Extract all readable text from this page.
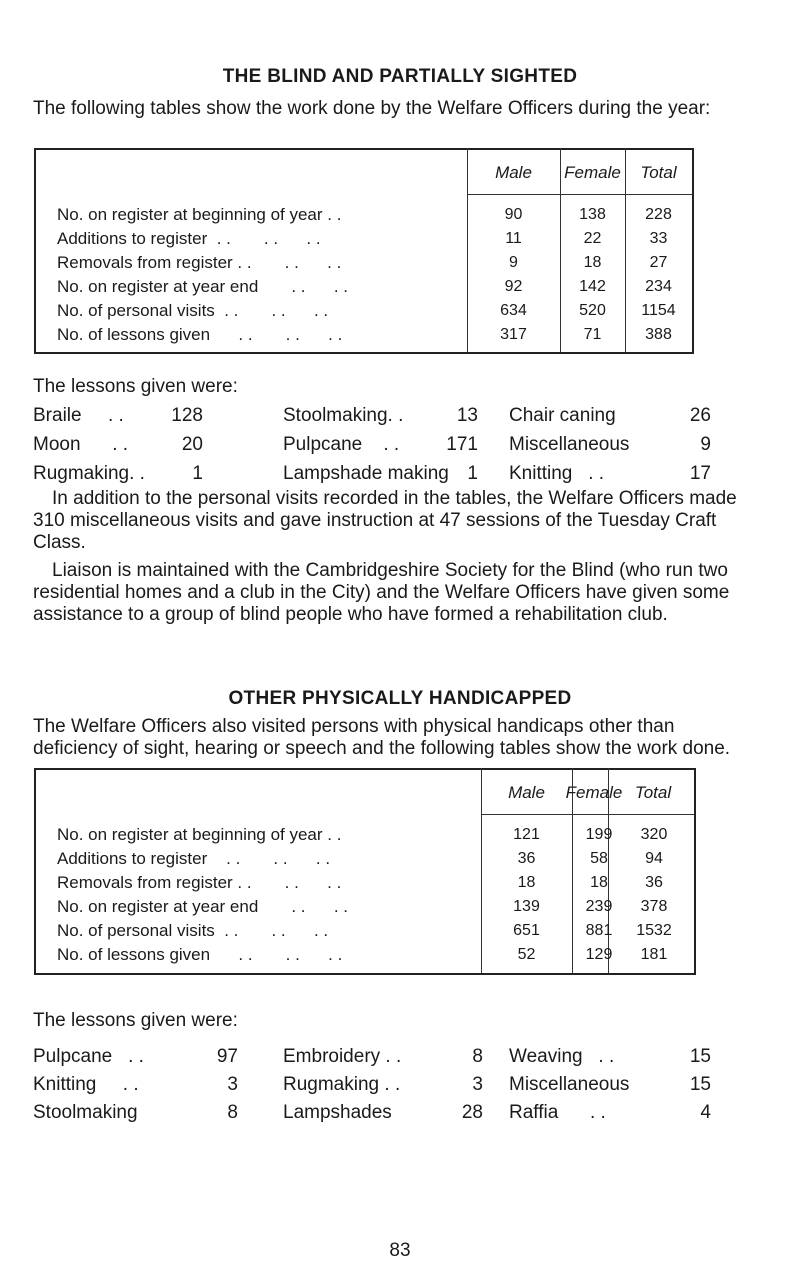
THE BLIND AND PARTIALLY SIGHTED
The following tables show the work done by the Welfare Officers during the year:
Male	Female	Total
No. on register at beginning of year . .	90	138	228
Additions to register  . .       . .      . .	11	22	33
Removals from register . .       . .      . .	9	18	27
No. on register at year end       . .      . .	92	142	234
No. of personal visits  . .       . .      . .	634	520	1154
No. of lessons given      . .       . .      . .	317	71	388
The lessons given were:
Braile     . .	128	Stoolmaking. .	13 Chair caning	26
Moon      . .	20	Pulpcane    . .	171 Miscellaneous	9
Rugmaking. .	1	Lampshade making 1 Knitting   . .	17
In addition to the personal visits recorded in the tables, the Welfare Officers made 310 miscellaneous visits and gave instruction at 47 sessions of the Tuesday Craft Class.
Liaison is maintained with the Cambridgeshire Society for the Blind (who run two residential homes and a club in the City) and the Welfare Officers have given some assistance to a group of blind people who have formed a rehabilitation club.
OTHER PHYSICALLY HANDICAPPED
The Welfare Officers also visited persons with physical handicaps other than deficiency of sight, hearing or speech and the following tables show the work done.
Male	Female Total
No. on register at beginning of year . .	121	199	320
Additions to register    . .       . .      . .	36	58	94
Removals from register . .       . .      . .	18	18	36
No. on register at year end       . .      . .	139	239	378
No. of personal visits  . .       . .      . .	651	881	1532
No. of lessons given      . .       . .      . .	52	129	181
The lessons given were:
Pulpcane   . .	97 Embroidery . .	8 Weaving   . .	15
Knitting     . .	3 Rugmaking . .	3 Miscellaneous	15
Stoolmaking	8 Lampshades	28 Raffia      . .	4
83
